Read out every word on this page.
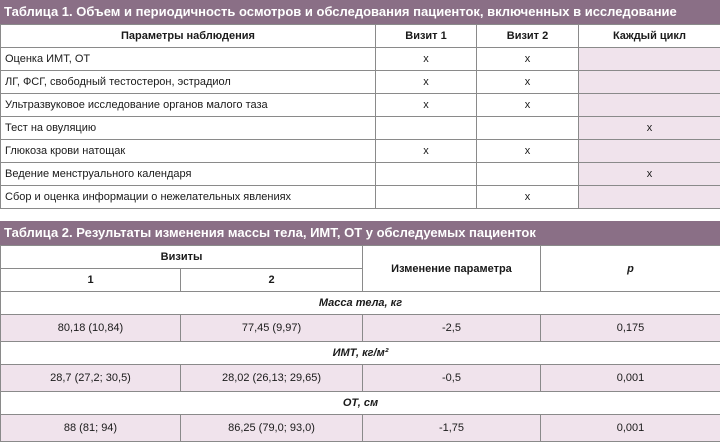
Таблица 1. Объем и периодичность осмотров и обследования пациенток, включенных в исследование
Параметры наблюдения	Визит 1	Визит 2	Каждый цикл
Оценка ИМТ, ОТ	x	x	
ЛГ, ФСГ, свободный тестостерон, эстрадиол	x	x	
Ультразвуковое исследование органов малого таза	x	x	
Тест на овуляцию			x
Глюкоза крови натощак	x	x	
Ведение менструального календаря			x
Сбор и оценка информации о нежелательных явлениях		x	
Таблица 2. Результаты изменения массы тела, ИМТ, ОТ у обследуемых пациенток
Визиты		Изменение параметра	p
1	2		
Масса тела, кг			
80,18 (10,84)	77,45 (9,97)	-2,5	0,175
ИМТ, кг/м²			
28,7 (27,2; 30,5)	28,02 (26,13; 29,65)	-0,5	0,001
ОТ, см			
88 (81; 94)	86,25 (79,0; 93,0)	-1,75	0,001
